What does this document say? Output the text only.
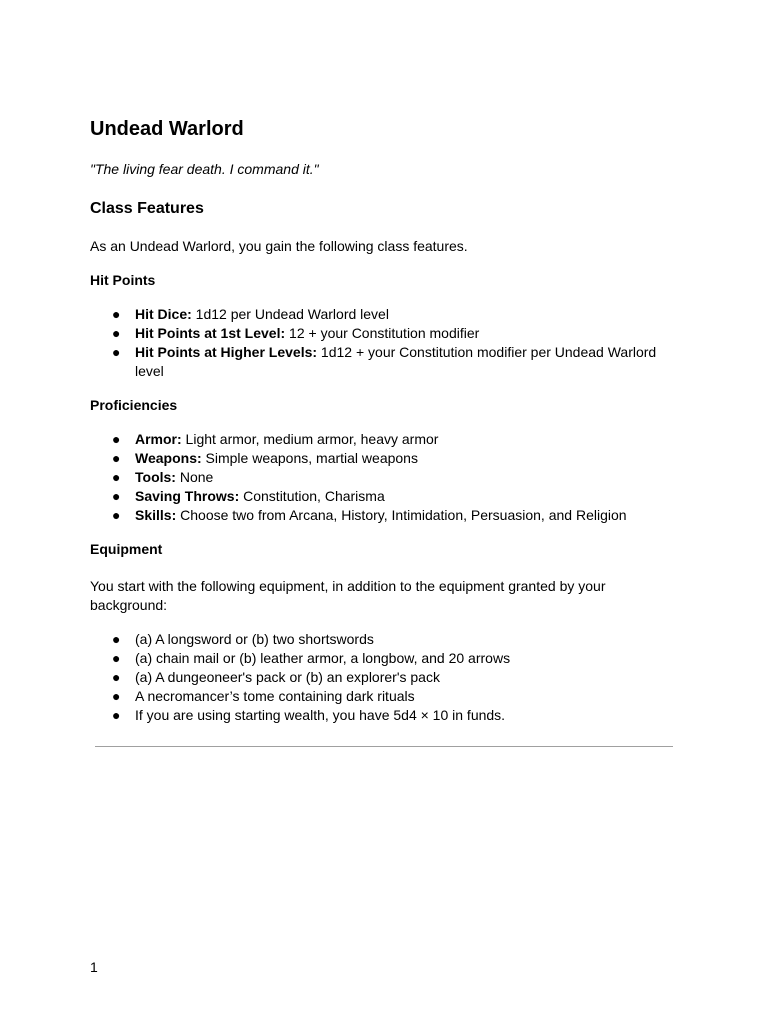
Undead Warlord

"The living fear death. I command it."

Class Features

As an Undead Warlord, you gain the following class features.

Hit Points
● Hit Dice: 1d12 per Undead Warlord level
● Hit Points at 1st Level: 12 + your Constitution modifier
● Hit Points at Higher Levels: 1d12 + your Constitution modifier per Undead Warlord level
Proficiencies
● Armor: Light armor, medium armor, heavy armor
● Weapons: Simple weapons, martial weapons
● Tools: None
● Saving Throws: Constitution, Charisma
● Skills: Choose two from Arcana, History, Intimidation, Persuasion, and Religion
Equipment

You start with the following equipment, in addition to the equipment granted by your background:

● (a) A longsword or (b) two shortswords
● (a) chain mail or (b) leather armor, a longbow, and 20 arrows
● (a) A dungeoneer's pack or (b) an explorer's pack
● A necromancer’s tome containing dark rituals
● If you are using starting wealth, you have 5d4 × 10 in funds.
1
